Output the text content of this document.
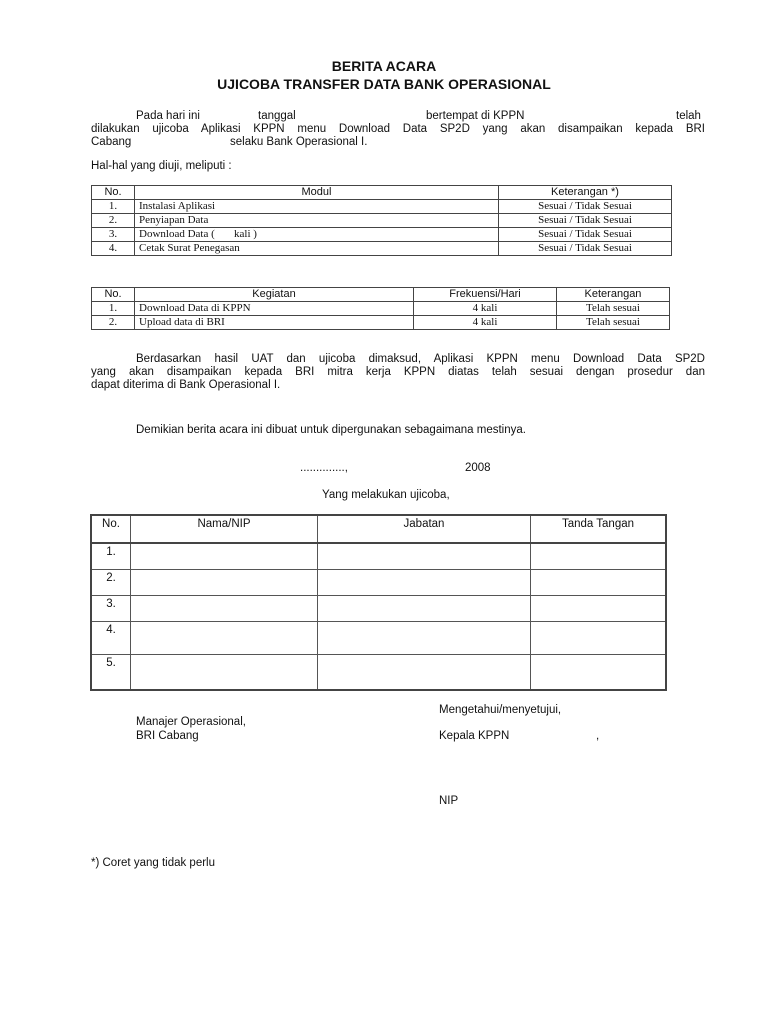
BERITA ACARA
UJICOBA TRANSFER DATA BANK OPERASIONAL
Pada hari ini	tanggal	bertempat di KPPN	telah
dilakukan ujicoba Aplikasi KPPN menu Download Data SP2D yang akan disampaikan kepada BRI
Cabang	selaku Bank Operasional I.
Hal-hal yang diuji, meliputi :
No.	Modul	Keterangan *)
1.	Instalasi Aplikasi	Sesuai / Tidak Sesuai
2.	Penyiapan Data	Sesuai / Tidak Sesuai
3.	Download Data (       kali )	Sesuai / Tidak Sesuai
4.	Cetak Surat Penegasan	Sesuai / Tidak Sesuai
No.	Kegiatan	Frekuensi/Hari	Keterangan
1.	Download Data di KPPN	4 kali	Telah sesuai
2.	Upload data di BRI	4 kali	Telah sesuai
Berdasarkan hasil UAT dan ujicoba dimaksud, Aplikasi KPPN menu Download Data SP2D
yang akan disampaikan kepada BRI mitra kerja KPPN diatas telah sesuai dengan prosedur dan
dapat diterima di Bank Operasional I.
Demikian berita acara ini dibuat untuk dipergunakan sebagaimana mestinya.
..............,	2008
Yang melakukan ujicoba,
No.	Nama/NIP	Jabatan	Tanda Tangan
1.			
2.			
3.			
4.			
5.			
Mengetahui/menyetujui,
Manajer Operasional,
BRI Cabang	Kepala KPPN	,
NIP
*) Coret yang tidak perlu
